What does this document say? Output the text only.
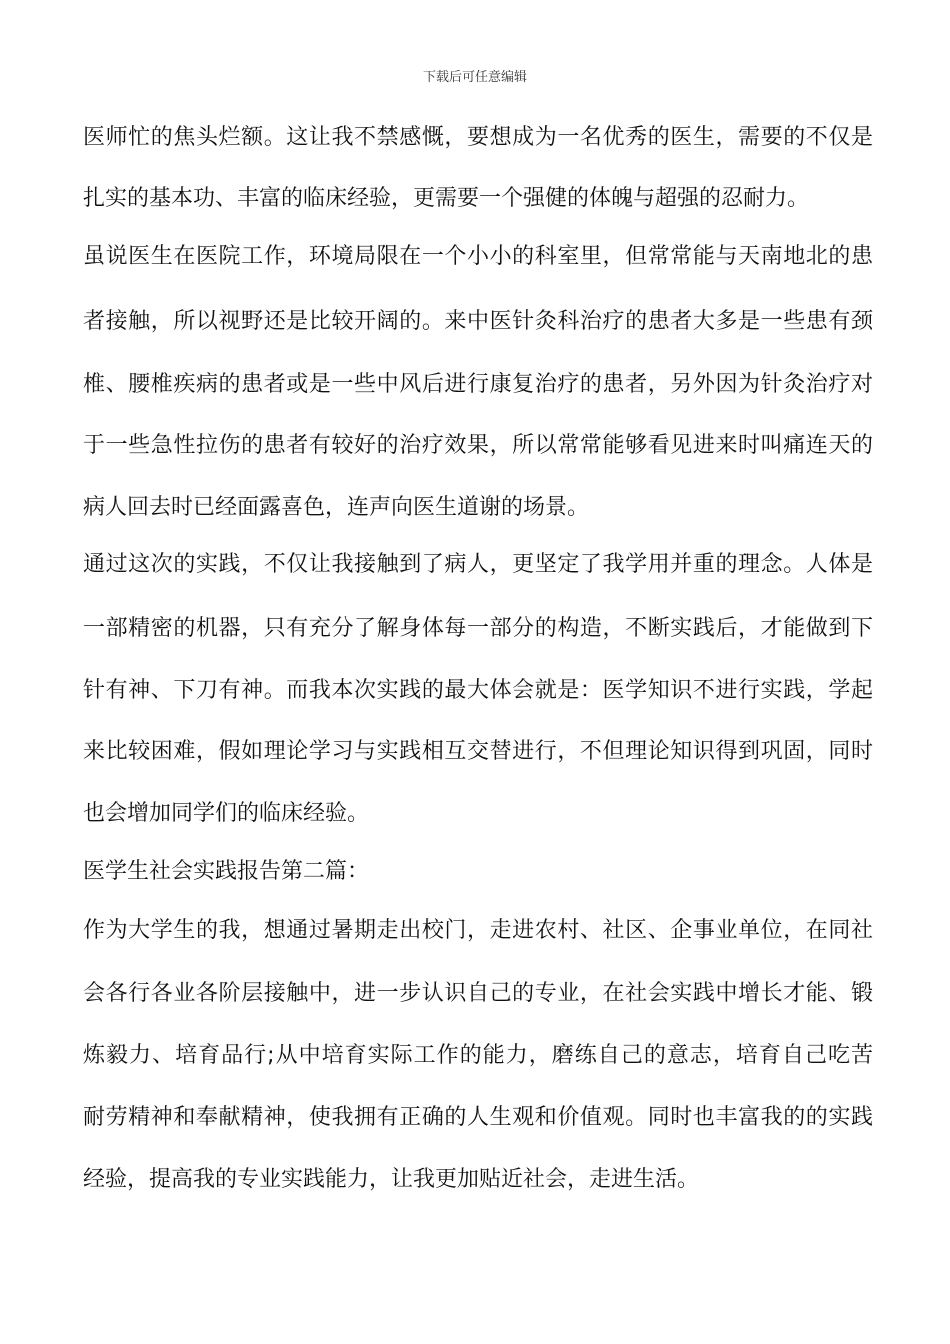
下载后可任意编辑
医师忙的焦头烂额。这让我不禁感慨，要想成为一名优秀的医生，需要的不仅是
扎实的基本功、丰富的临床经验，更需要一个强健的体魄与超强的忍耐力。
虽说医生在医院工作，环境局限在一个小小的科室里，但常常能与天南地北的患
者接触，所以视野还是比较开阔的。来中医针灸科治疗的患者大多是一些患有颈
椎、腰椎疾病的患者或是一些中风后进行康复治疗的患者，另外因为针灸治疗对
于一些急性拉伤的患者有较好的治疗效果，所以常常能够看见进来时叫痛连天的
病人回去时已经面露喜色，连声向医生道谢的场景。
通过这次的实践，不仅让我接触到了病人，更坚定了我学用并重的理念。人体是
一部精密的机器，只有充分了解身体每一部分的构造，不断实践后，才能做到下
针有神、下刀有神。而我本次实践的最大体会就是：医学知识不进行实践，学起
来比较困难，假如理论学习与实践相互交替进行，不但理论知识得到巩固，同时
也会增加同学们的临床经验。
医学生社会实践报告第二篇：
作为大学生的我，想通过暑期走出校门，走进农村、社区、企事业单位，在同社
会各行各业各阶层接触中，进一步认识自己的专业，在社会实践中增长才能、锻
炼毅力、培育品行;从中培育实际工作的能力，磨练自己的意志，培育自己吃苦
耐劳精神和奉献精神，使我拥有正确的人生观和价值观。同时也丰富我的的实践
经验，提高我的专业实践能力，让我更加贴近社会，走进生活。
